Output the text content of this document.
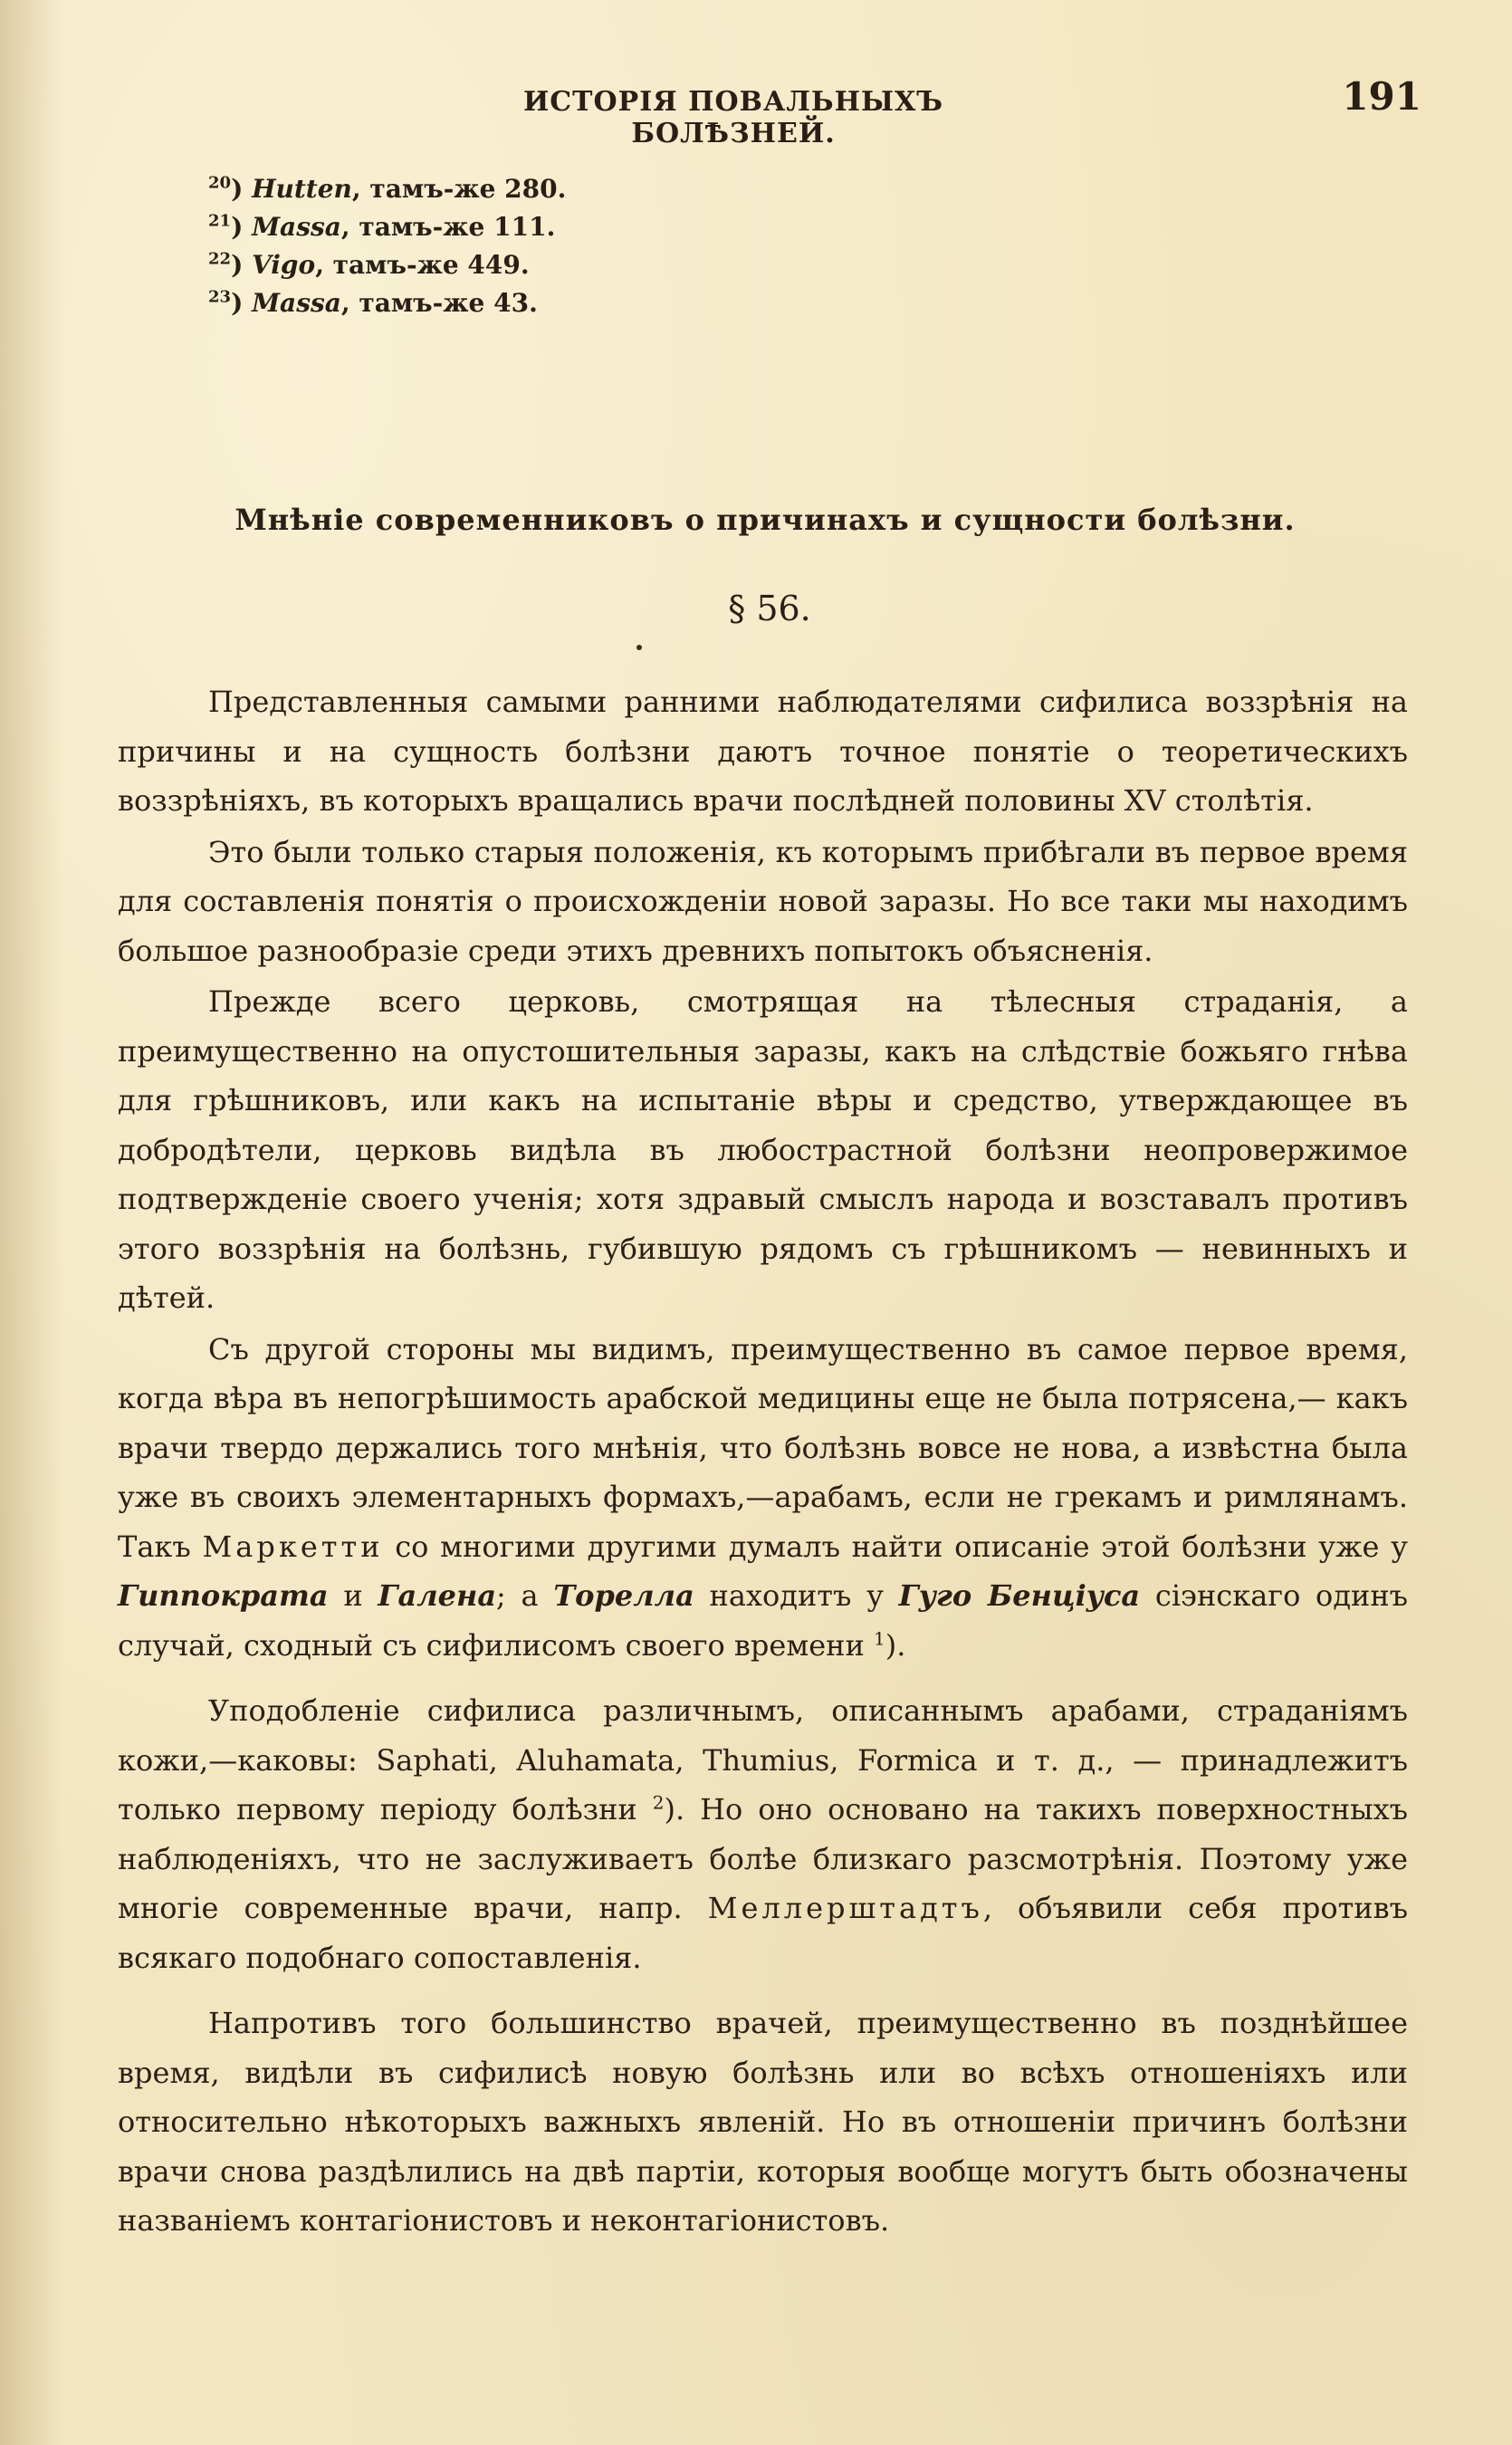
ИСТОРІЯ ПОВАЛЬНЫХЪ БОЛѢЗНЕЙ.
191
$^{20}$) Hutten, тамъ-же 280.
$^{21}$) Massa, тамъ-же 111.
$^{22}$) Vigo, тамъ-же 449.
$^{23}$) Massa, тамъ-же 43.
Мнѣніе современниковъ о причинахъ и сущности болѣзни.
§ 56.

Представленныя самыми ранними наблюдателями сифилиса воззрѣнія на причины и на сущность болѣзни даютъ точное понятіе о теоретическихъ воззрѣніяхъ, въ которыхъ вращались врачи послѣдней половины XV столѣтія.

Это были только старыя положенія, къ которымъ прибѣгали въ первое время для составленія понятія о происхожденіи новой заразы. Но все таки мы находимъ большое разнообразіе среди этихъ древнихъ попытокъ объясненія.

Прежде всего церковь, смотрящая на тѣлесныя страданія, а преимущественно на опустошительныя заразы, какъ на слѣдствіе божьяго гнѣва для грѣшниковъ, или какъ на испытаніе вѣры и средство, утверждающее въ добродѣтели, церковь видѣла въ любострастной болѣзни неопровержимое подтвержденіе своего ученія; хотя здравый смыслъ народа и возставалъ противъ этого воззрѣнія на болѣзнь, губившую рядомъ съ грѣшникомъ — невинныхъ и дѣтей.

Съ другой стороны мы видимъ, преимущественно въ самое первое время, когда вѣра въ непогрѣшимость арабской медицины еще не была потрясена,— какъ врачи твердо держались того мнѣнія, что болѣзнь вовсе не нова, а извѣстна была уже въ своихъ элементарныхъ формахъ,—арабамъ, если не грекамъ и римлянамъ. Такъ Маркетти со многими другими думалъ найти описаніе этой болѣзни уже у Гиппократа и Галена; а Торелла находитъ у Гуго Бенціуса сіэнскаго одинъ случай, сходный съ сифилисомъ своего времени $^1$).

Уподобленіе сифилиса различнымъ, описаннымъ арабами, страданіямъ кожи,—каковы: Saphati, Aluhamata, Thumius, Formica и т. д., — принадлежитъ только первому періоду болѣзни $^2$). Но оно основано на такихъ поверхностныхъ наблюденіяхъ, что не заслуживаетъ болѣе близкаго разсмотрѣнія. Поэтому уже многіе современные врачи, напр. Меллерштадтъ, объявили себя противъ всякаго подобнаго сопоставленія.

Напротивъ того большинство врачей, преимущественно въ позднѣйшее время, видѣли въ сифилисѣ новую болѣзнь или во всѣхъ отношеніяхъ или относительно нѣкоторыхъ важныхъ явленій. Но въ отношеніи причинъ болѣзни врачи снова раздѣлились на двѣ партіи, которыя вообще могутъ быть обозначены названіемъ контагіонистовъ и неконтагіонистовъ.
